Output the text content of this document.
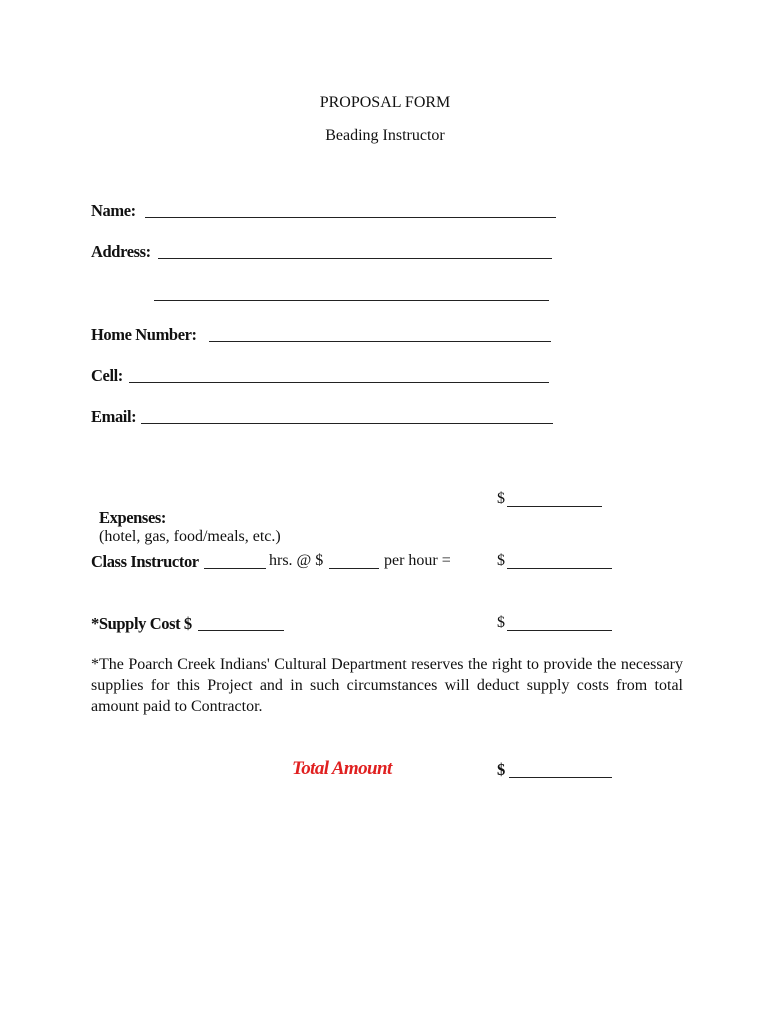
PROPOSAL FORM
Beading Instructor
Name:
Address:
Home Number:
Cell:
Email:

Expenses:
(hotel, gas, food/meals, etc.)

$
Class Instructor	hrs. @ $	per hour =	$
*Supply Cost $	$
*The Poarch Creek Indians' Cultural Department reserves the right to provide the necessary supplies for this Project and in such circumstances will deduct supply costs from total amount paid to Contractor.
Total Amount	$
